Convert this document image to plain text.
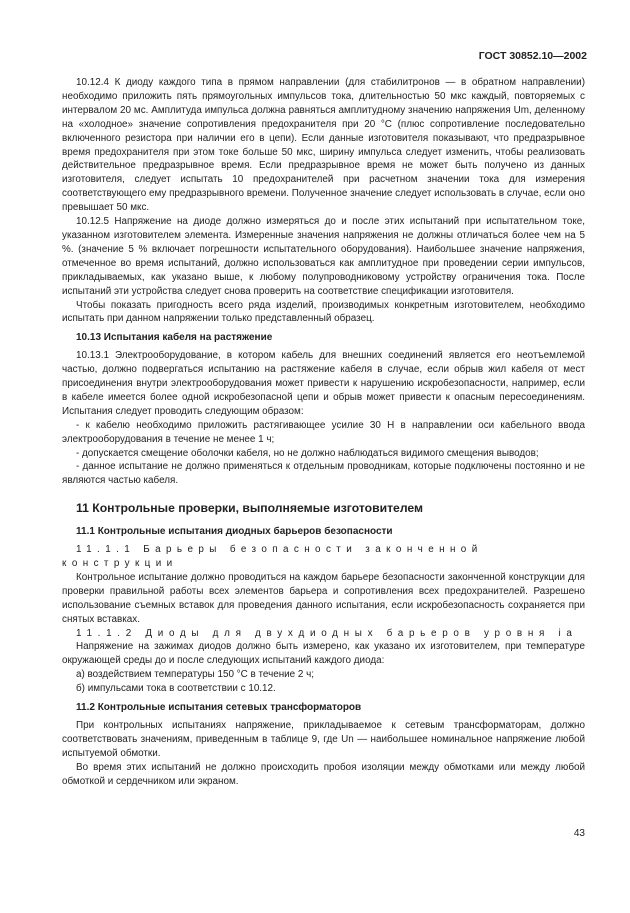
ГОСТ 30852.10—2002

10.12.4 К диоду каждого типа в прямом направлении (для стабилитронов — в обратном направлении) необходимо приложить пять прямоугольных импульсов тока, длительностью 50 мкс каждый, повторяемых с интервалом 20 мс. Амплитуда импульса должна равняться амплитудному значению напряжения Um, деленному на «холодное» значение сопротивления предохранителя при 20 °С (плюс сопротивление последовательно включенного резистора при наличии его в цепи). Если данные изготовителя показывают, что предразрывное время предохранителя при этом токе больше 50 мкс, ширину импульса следует изменить, чтобы реализовать действительное предразрывное время. Если предразрывное время не может быть получено из данных изготовителя, следует испытать 10 предохранителей при расчетном значении тока для измерения соответствующего ему предразрывного времени. Полученное значение следует использовать в случае, если оно превышает 50 мкс.

10.12.5 Напряжение на диоде должно измеряться до и после этих испытаний при испытательном токе, указанном изготовителем элемента. Измеренные значения напряжения не должны отличаться более чем на 5 %. (значение 5 % включает погрешности испытательного оборудования). Наибольшее значение напряжения, отмеченное во время испытаний, должно использоваться как амплитудное при проведении серии импульсов, прикладываемых, как указано выше, к любому полупроводниковому устройству ограничения тока. После испытаний эти устройства следует снова проверить на соответствие спецификации изготовителя.

Чтобы показать пригодность всего ряда изделий, производимых конкретным изготовителем, необходимо испытать при данном напряжении только представленный образец.

10.13 Испытания кабеля на растяжение

10.13.1 Электрооборудование, в котором кабель для внешних соединений является его неотъемлемой частью, должно подвергаться испытанию на растяжение кабеля в случае, если обрыв жил кабеля от мест присоединения внутри электрооборудования может привести к нарушению искробезопасности, например, если в кабеле имеется более одной искробезопасной цепи и обрыв может привести к опасным пересоединениям. Испытания следует проводить следующим образом:

- к кабелю необходимо приложить растягивающее усилие 30 Н в направлении оси кабельного ввода электрооборудования в течение не менее 1 ч;

- допускается смещение оболочки кабеля, но не должно наблюдаться видимого смещения выводов;

- данное испытание не должно применяться к отдельным проводникам, которые подключены постоянно и не являются частью кабеля.

11 Контрольные проверки, выполняемые изготовителем
11.1 Контрольные испытания диодных барьеров безопасности

11.1.1 Барьеры безопасности законченной конструкции

Контрольное испытание должно проводиться на каждом барьере безопасности законченной конструкции для проверки правильной работы всех элементов барьера и сопротивления всех предохранителей. Разрешено использование съемных вставок для проведения данного испытания, если искробезопасность сохраняется при снятых вставках.

11.1.2 Диоды для двухдиодных барьеров уровня ia

Напряжение на зажимах диодов должно быть измерено, как указано их изготовителем, при температуре окружающей среды до и после следующих испытаний каждого диода:

а) воздействием температуры 150 °С в течение 2 ч;

б) импульсами тока в соответствии с 10.12.

11.2 Контрольные испытания сетевых трансформаторов

При контрольных испытаниях напряжение, прикладываемое к сетевым трансформаторам, должно соответствовать значениям, приведенным в таблице 9, где Un — наибольшее номинальное напряжение любой испытуемой обмотки.

Во время этих испытаний не должно происходить пробоя изоляции между обмотками или между любой обмоткой и сердечником или экраном.

43
